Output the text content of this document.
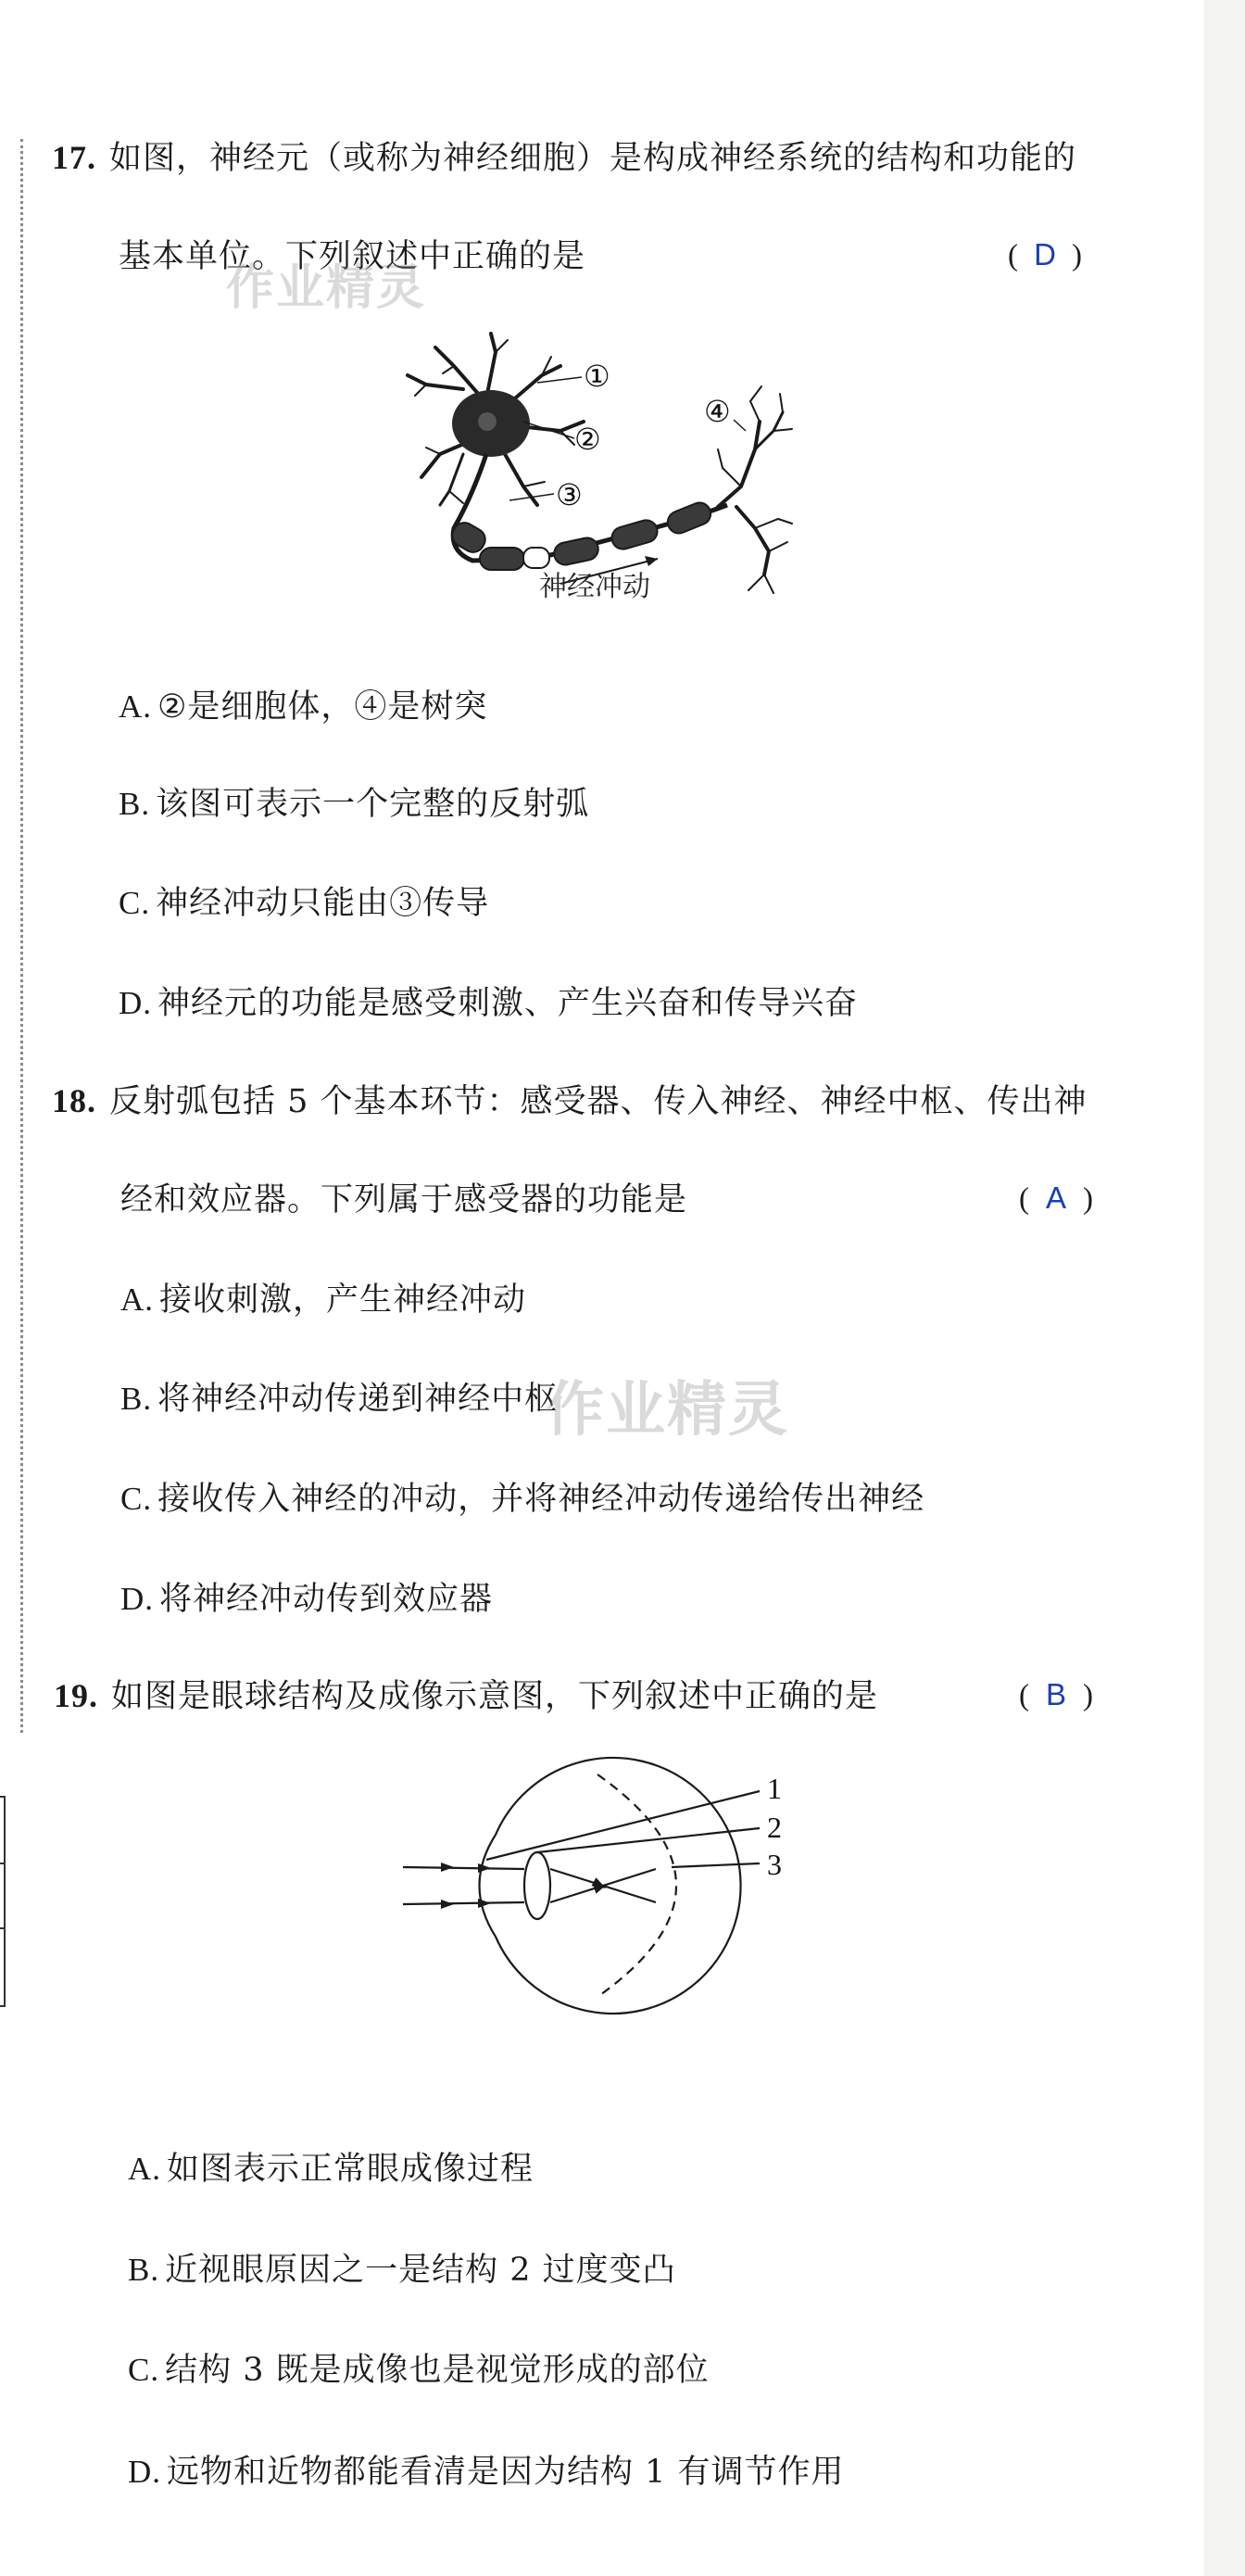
17. 如图，神经元（或称为神经细胞）是构成神经系统的结构和功能的
基本单位。下列叙述中正确的是	( D )
作业精灵
①
②
③
④
神经冲动
A. ②是细胞体，④是树突
B. 该图可表示一个完整的反射弧
C. 神经冲动只能由③传导
D. 神经元的功能是感受刺激、产生兴奋和传导兴奋
18. 反射弧包括 5 个基本环节：感受器、传入神经、神经中枢、传出神
经和效应器。下列属于感受器的功能是	( A )
A. 接收刺激，产生神经冲动
B. 将神经冲动传递到神经中枢
作业精灵
C. 接收传入神经的冲动，并将神经冲动传递给传出神经
D. 将神经冲动传到效应器
19. 如图是眼球结构及成像示意图，下列叙述中正确的是	( B )
1
2
3
A. 如图表示正常眼成像过程
B. 近视眼原因之一是结构 2 过度变凸
C. 结构 3 既是成像也是视觉形成的部位
D. 远物和近物都能看清是因为结构 1 有调节作用
